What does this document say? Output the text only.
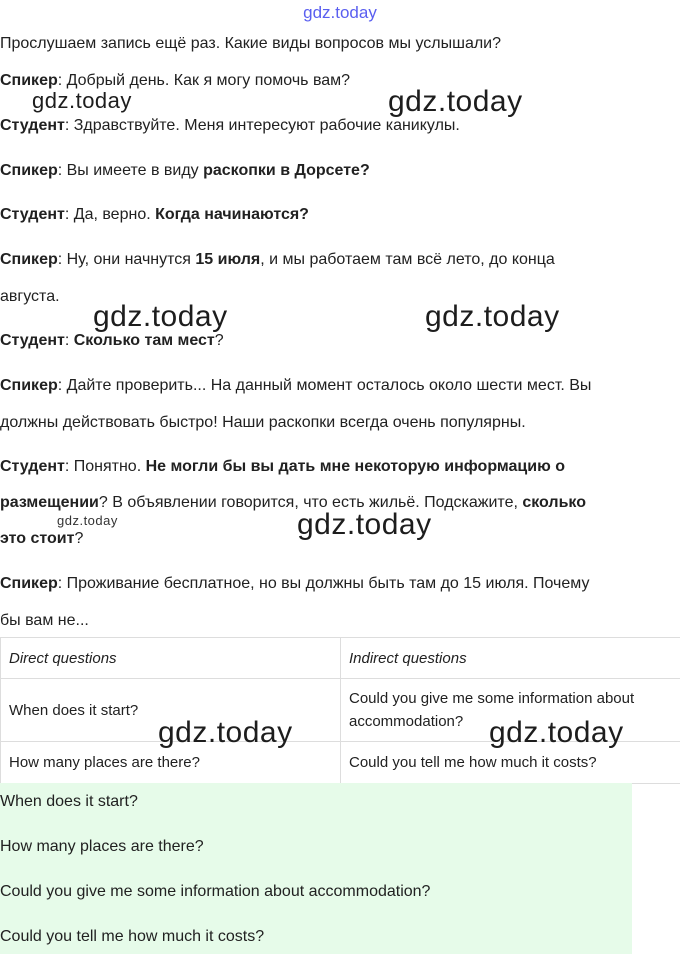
gdz.today

Прослушаем запись ещё раз. Какие виды вопросов мы услышали?

Спикер: Добрый день. Как я могу помочь вам?

Студент: Здравствуйте. Меня интересуют рабочие каникулы.

Спикер: Вы имеете в виду раскопки в Дорсете?

Студент: Да, верно. Когда начинаются?

Спикер: Ну, они начнутся 15 июля, и мы работаем там всё лето, до конца

августа.

Студент: Сколько там мест?

Спикер: Дайте проверить... На данный момент осталось около шести мест. Вы

должны действовать быстро! Наши раскопки всегда очень популярны.

Студент: Понятно. Не могли бы вы дать мне некоторую информацию о

размещении? В объявлении говорится, что есть жильё. Подскажите, сколько

это стоит?

Спикер: Проживание бесплатное, но вы должны быть там до 15 июля. Почему

бы вам не...

Direct questions	Indirect questions
When does it start?	Could you give me some information about accommodation?
How many places are there?	Could you tell me how much it costs?
When does it start?
How many places are there?
Could you give me some information about accommodation?
Could you tell me how much it costs?
gdz.today	gdz.today
gdz.today	gdz.today
gdz.today	gdz.today
gdz.today	gdz.today
